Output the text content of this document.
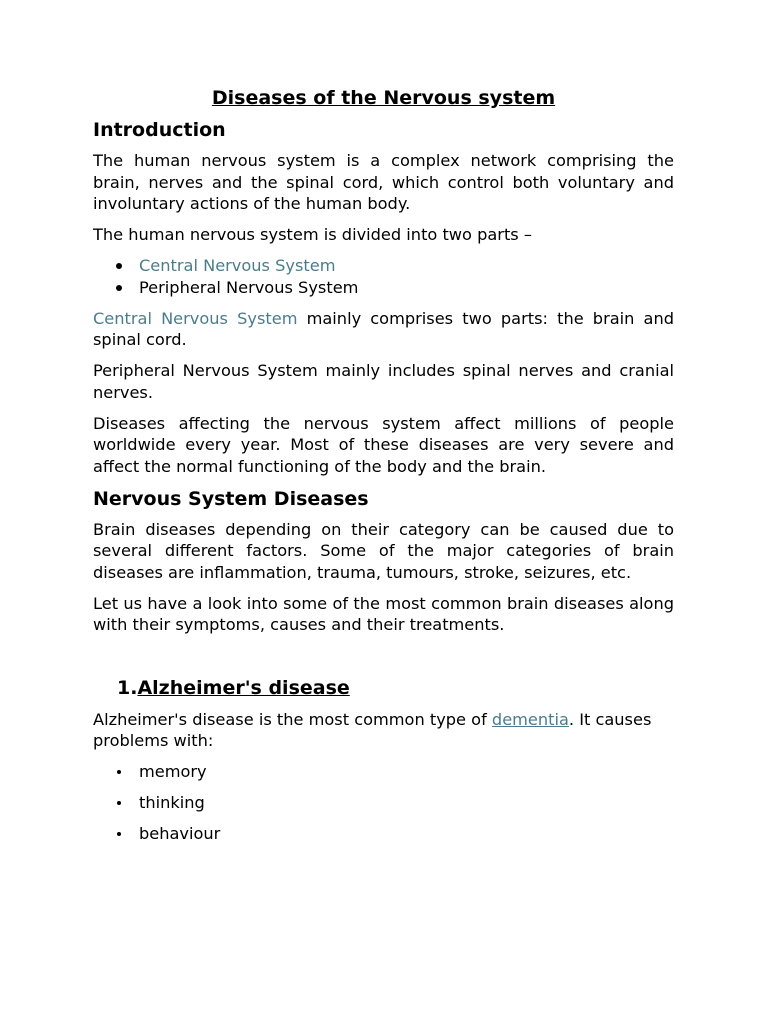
Diseases of the Nervous system
Introduction

The human nervous system is a complex network comprising the brain, nerves and the spinal cord, which control both voluntary and involuntary actions of the human body.

The human nervous system is divided into two parts –

Central Nervous System
Peripheral Nervous System

Central Nervous System mainly comprises two parts: the brain and spinal cord.

Peripheral Nervous System mainly includes spinal nerves and cranial nerves.

Diseases affecting the nervous system affect millions of people worldwide every year. Most of these diseases are very severe and affect the normal functioning of the body and the brain.

Nervous System Diseases

Brain diseases depending on their category can be caused due to several different factors. Some of the major categories of brain diseases are inflammation, trauma, tumours, stroke, seizures, etc.

Let us have a look into some of the most common brain diseases along with their symptoms, causes and their treatments.

1.Alzheimer's disease

Alzheimer's disease is the most common type of dementia. It causes problems with:

memory
thinking
behaviour
